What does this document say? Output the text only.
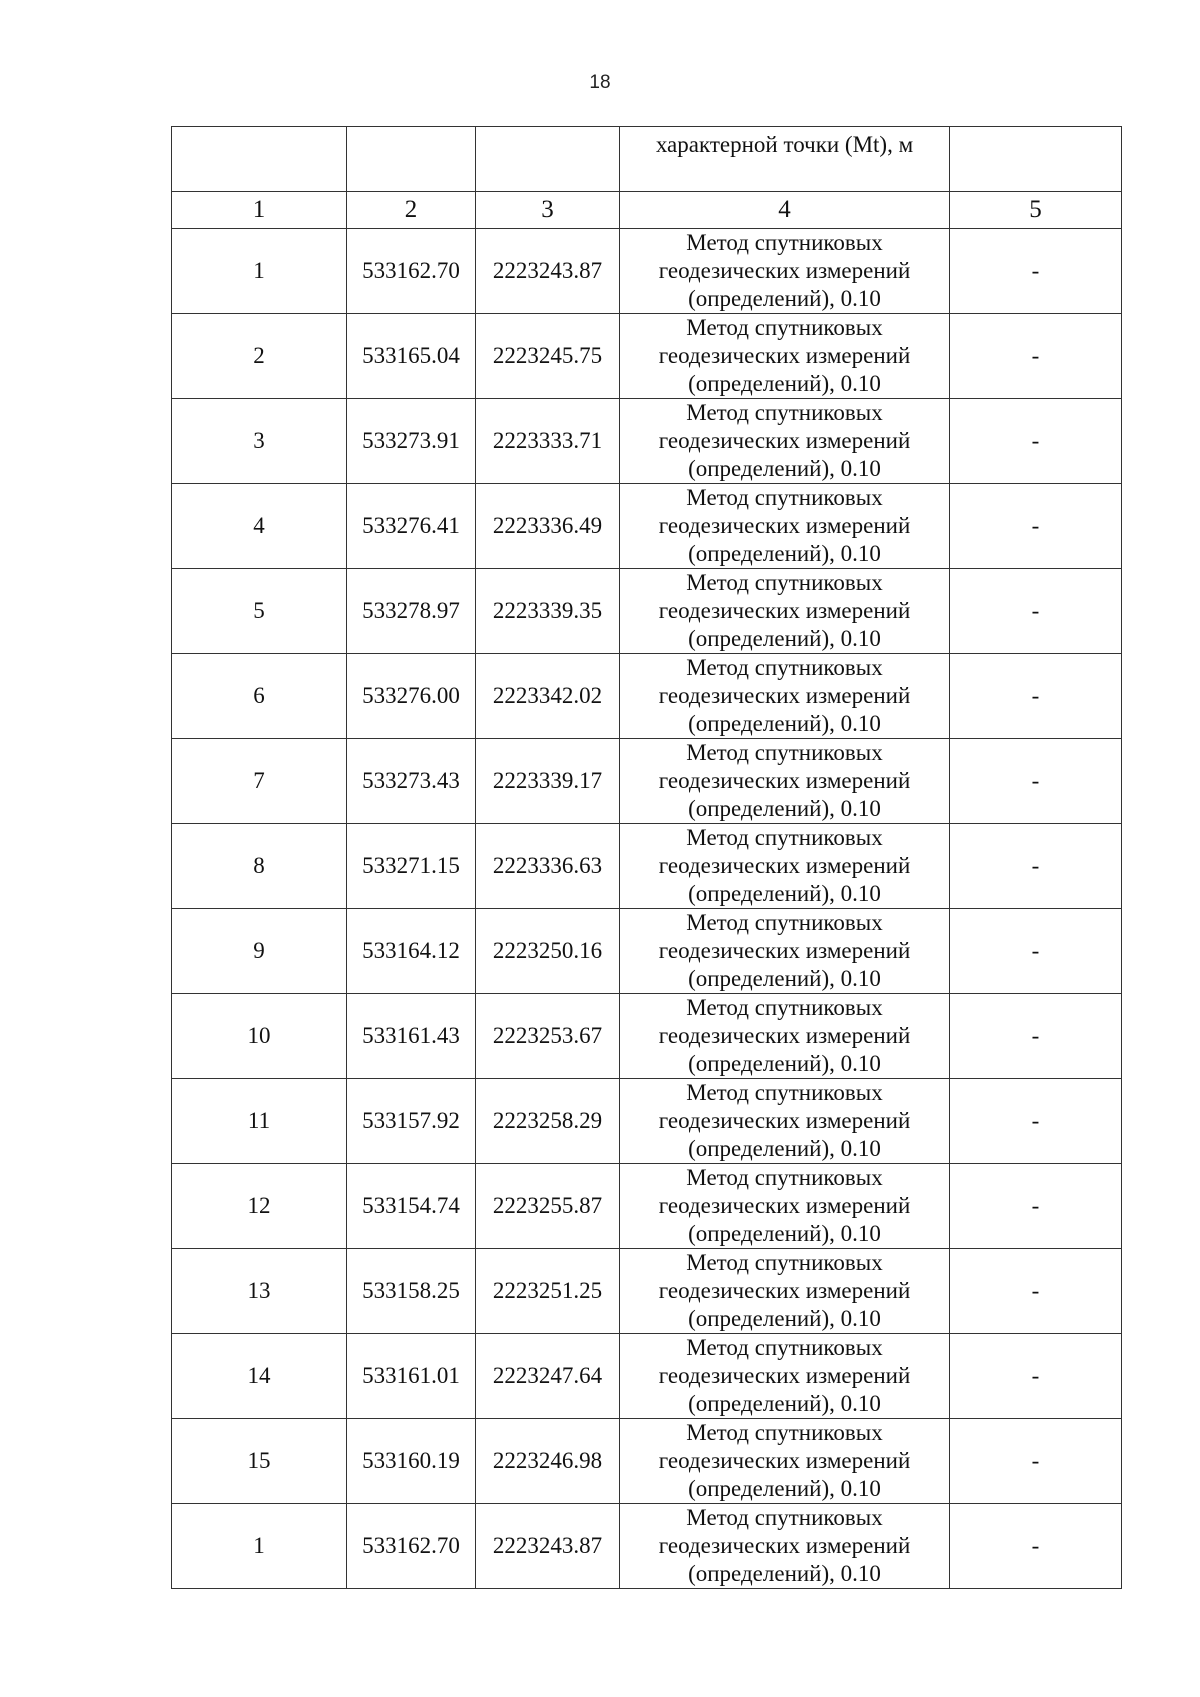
18
			характерной точки (Mt), м	
1	2	3	4	5
1	533162.70	2223243.87	Метод спутниковых
геодезических измерений
(определений), 0.10	-
2	533165.04	2223245.75	Метод спутниковых
геодезических измерений
(определений), 0.10	-
3	533273.91	2223333.71	Метод спутниковых
геодезических измерений
(определений), 0.10	-
4	533276.41	2223336.49	Метод спутниковых
геодезических измерений
(определений), 0.10	-
5	533278.97	2223339.35	Метод спутниковых
геодезических измерений
(определений), 0.10	-
6	533276.00	2223342.02	Метод спутниковых
геодезических измерений
(определений), 0.10	-
7	533273.43	2223339.17	Метод спутниковых
геодезических измерений
(определений), 0.10	-
8	533271.15	2223336.63	Метод спутниковых
геодезических измерений
(определений), 0.10	-
9	533164.12	2223250.16	Метод спутниковых
геодезических измерений
(определений), 0.10	-
10	533161.43	2223253.67	Метод спутниковых
геодезических измерений
(определений), 0.10	-
11	533157.92	2223258.29	Метод спутниковых
геодезических измерений
(определений), 0.10	-
12	533154.74	2223255.87	Метод спутниковых
геодезических измерений
(определений), 0.10	-
13	533158.25	2223251.25	Метод спутниковых
геодезических измерений
(определений), 0.10	-
14	533161.01	2223247.64	Метод спутниковых
геодезических измерений
(определений), 0.10	-
15	533160.19	2223246.98	Метод спутниковых
геодезических измерений
(определений), 0.10	-
1	533162.70	2223243.87	Метод спутниковых
геодезических измерений
(определений), 0.10	-
